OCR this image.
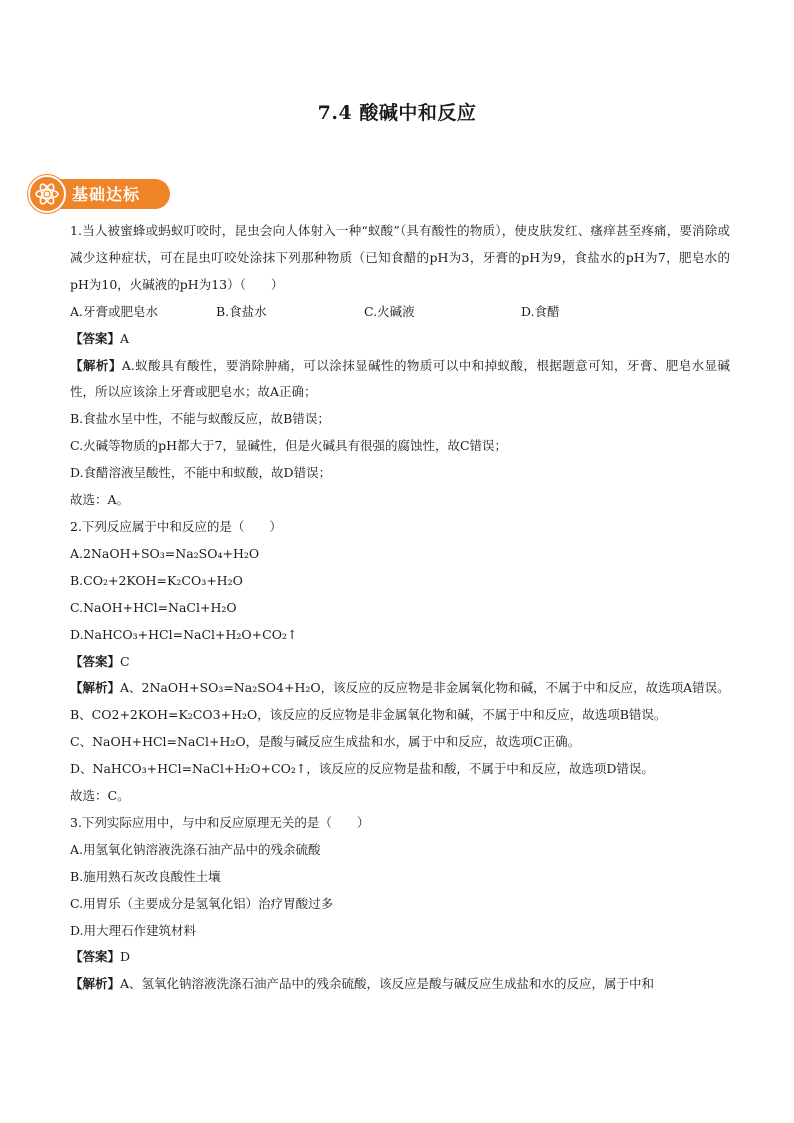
7.4 酸碱中和反应
基础达标

1.当人被蜜蜂或蚂蚁叮咬时，昆虫会向人体射入一种“蚁酸”（具有酸性的物质），使皮肤发红、瘙痒甚至疼痛，要消除或减少这种症状，可在昆虫叮咬处涂抹下列那种物质（已知食醋的pH为3，牙膏的pH为9，食盐水的pH为7，肥皂水的pH为10，火碱液的pH为13）（　　）

A.牙膏或肥皂水	B.食盐水	C.火碱液	D.食醋

【答案】A

【解析】A.蚁酸具有酸性，要消除肿痛，可以涂抹显碱性的物质可以中和掉蚁酸，根据题意可知，牙膏、肥皂水显碱性，所以应该涂上牙膏或肥皂水；故A正确；

B.食盐水呈中性，不能与蚁酸反应，故B错误；

C.火碱等物质的pH都大于7，显碱性，但是火碱具有很强的腐蚀性，故C错误；

D.食醋溶液呈酸性，不能中和蚁酸，故D错误；

故选：A。

2.下列反应属于中和反应的是（　　）

A.2NaOH+SO₃=Na₂SO₄+H₂O

B.CO₂+2KOH=K₂CO₃+H₂O

C.NaOH+HCl=NaCl+H₂O

D.NaHCO₃+HCl=NaCl+H₂O+CO₂↑

【答案】C

【解析】A、2NaOH+SO₃=Na₂SO4+H₂O，该反应的反应物是非金属氧化物和碱，不属于中和反应，故选项A错误。

B、CO2+2KOH=K₂CO3+H₂O，该反应的反应物是非金属氧化物和碱，不属于中和反应，故选项B错误。

C、NaOH+HCl=NaCl+H₂O，是酸与碱反应生成盐和水，属于中和反应，故选项C正确。

D、NaHCO₃+HCl=NaCl+H₂O+CO₂↑，该反应的反应物是盐和酸，不属于中和反应，故选项D错误。

故选：C。

3.下列实际应用中，与中和反应原理无关的是（　　）

A.用氢氧化钠溶液洗涤石油产品中的残余硫酸

B.施用熟石灰改良酸性土壤

C.用胃乐（主要成分是氢氧化铝）治疗胃酸过多

D.用大理石作建筑材料

【答案】D

【解析】A、氢氧化钠溶液洗涤石油产品中的残余硫酸，该反应是酸与碱反应生成盐和水的反应，属于中和
